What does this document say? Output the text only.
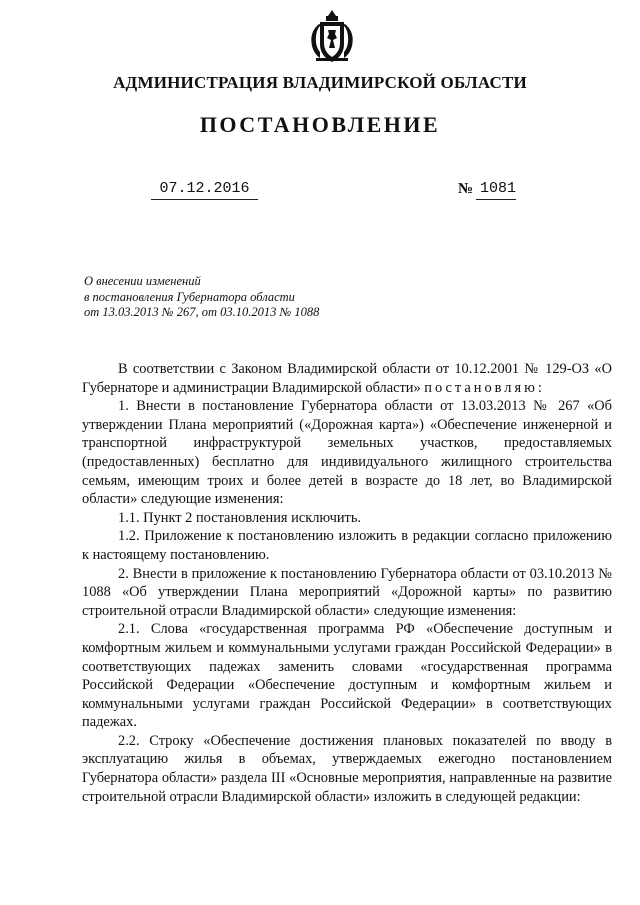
АДМИНИСТРАЦИЯ ВЛАДИМИРСКОЙ ОБЛАСТИ
ПОСТАНОВЛЕНИЕ
07.12.2016	№ 1081
О внесении изменений
в постановления Губернатора области
от 13.03.2013 № 267, от 03.10.2013 № 1088

В соответствии с Законом Владимирской области от 10.12.2001 № 129-ОЗ «О Губернаторе и администрации Владимирской области» постановляю:

1. Внести в постановление Губернатора области от 13.03.2013 № 267 «Об утверждении Плана мероприятий («Дорожная карта») «Обеспечение инженерной и транспортной инфраструктурой земельных участков, предоставляемых (предоставленных) бесплатно для индивидуального жилищного строительства семьям, имеющим троих и более детей в возрасте до 18 лет, во Владимирской области» следующие изменения:

1.1. Пункт 2 постановления исключить.

1.2. Приложение к постановлению изложить в редакции согласно приложению к настоящему постановлению.

2. Внести в приложение к постановлению Губернатора области от 03.10.2013 № 1088 «Об утверждении Плана мероприятий «Дорожной карты» по развитию строительной отрасли Владимирской области» следующие изменения:

2.1. Слова «государственная программа РФ «Обеспечение доступным и комфортным жильем и коммунальными услугами граждан Российской Федерации» в соответствующих падежах заменить словами «государственная программа Российской Федерации «Обеспечение доступным и комфортным жильем и коммунальными услугами граждан Российской Федерации» в соответствующих падежах.

2.2. Строку «Обеспечение достижения плановых показателей по вводу в эксплуатацию жилья в объемах, утверждаемых ежегодно постановлением Губернатора области» раздела III «Основные мероприятия, направленные на развитие строительной отрасли Владимирской области» изложить в следующей редакции:
